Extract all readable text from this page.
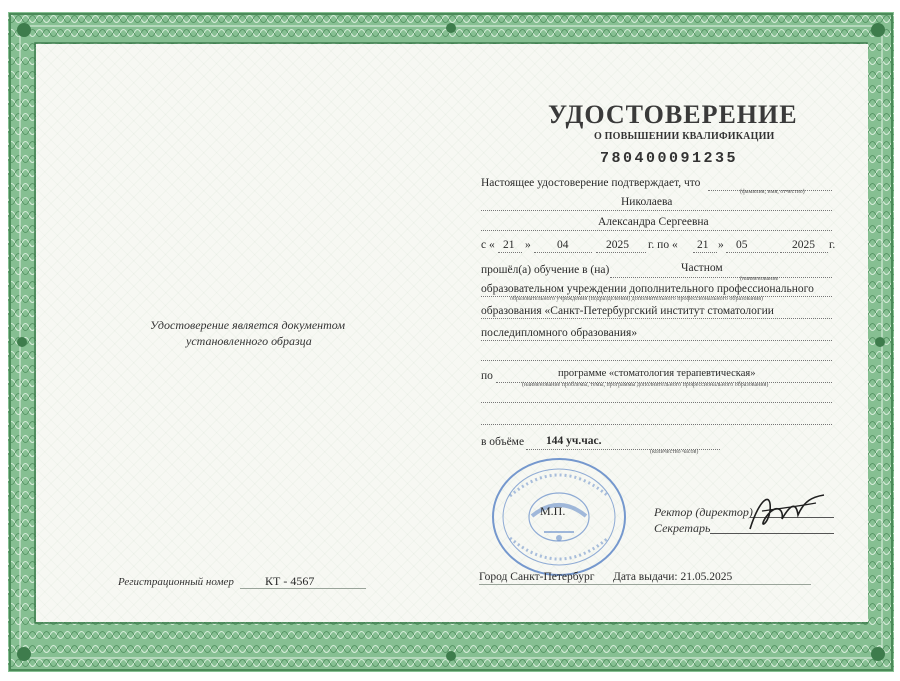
Удостоверение является документом
установленного образца
Регистрационный номер	КТ - 4567
УДОСТОВЕРЕНИЕ
О ПОВЫШЕНИИ КВАЛИФИКАЦИИ
780400091235
Настоящее удостоверение подтверждает, что
(фамилия, имя, отчество)
Николаева
Александра Сергеевна
с « 21 » 04	2025 г. по « 21 » 05	2025 г.
прошёл(а) обучение в (на)	Частном
(наименование
образовательном учреждении дополнительного профессионального
образовательного учреждения (подразделения) дополнительного профессионального образования)
образования «Санкт-Петербургский институт стоматологии
последипломного образования»
по	программе «стоматология терапевтическая»
(наименование проблемы, темы, программы дополнительного профессионального образования)
в объёме 144 уч.час.
(количество часов)
М.П.	Ректор (директор)
Секретарь
Город Санкт-Петербург Дата выдачи: 21.05.2025
